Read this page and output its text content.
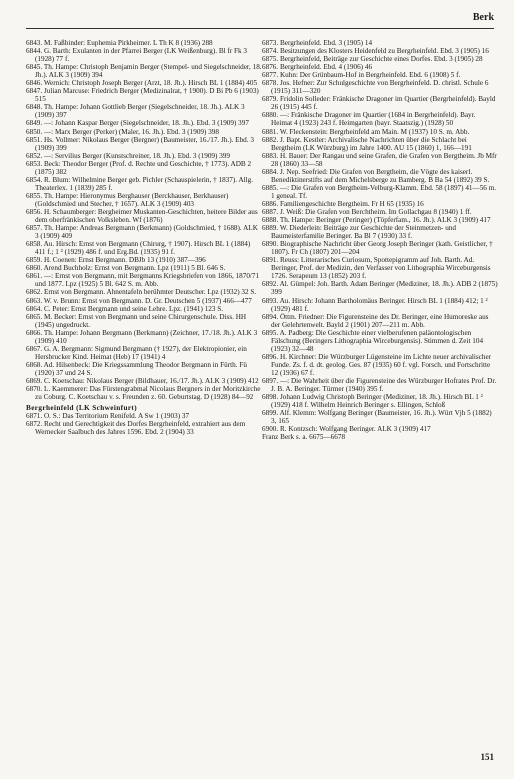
Berk

6843. M. Faßbinder: Euphemia Pirkheimer. L Th K 8 (1936) 288

6844. G. Barth: Exulanten in der Pfarrei Berger (LK Weißenburg). Bl fr Fk 3 (1928) 77 f.

6845. Th. Hampe: Christoph Benjamin Berger (Stempel- und Siegelschneider, 18. Jh.). ALK 3 (1909) 394

6846. Wernich: Christoph Joseph Berger (Arzt, 18. Jh.). Hirsch BL 1 (1884) 405

6847. Julian Marcuse: Friedrich Berger (Medizinalrat, † 1900). D Bi Pb 6 (1903) 515

6848. Th. Hampe: Johann Gottlieb Berger (Siegelschneider, 18. Jh.). ALK 3 (1909) 397

6849. —: Johann Kaspar Berger (Siegelschneider, 18. Jh.). Ebd. 3 (1909) 397

6850. —: Marx Berger (Perker) (Maler, 16. Jh.). Ebd. 3 (1909) 398

6851. Hs. Vollmer: Nikolaus Berger (Bergner) (Baumeister, 16./17. Jh.). Ebd. 3 (1909) 399

6852. —: Servilius Berger (Kunstschreiner, 18. Jh.). Ebd. 3 (1909) 399

6853. Beck: Theodor Berger (Prof. d. Rechte und Geschichte, † 1773). ADB 2 (1875) 382

6854. R. Blum: Wilhelmine Berger geb. Pichler (Schauspielerin, † 1837). Allg. Theaterlex. 1 (1839) 285 f.

6855. Th. Hampe: Hieronymus Berghauser (Berckhauser, Berkhauser) (Goldschmied und Stecher, † 1657). ALK 3 (1909) 403

6856. H. Schaumberger: Bergheimer Muskanten-Geschichten, heitere Bilder aus dem oberfränkischen Volksleben. Wf (1876)

6857. Th. Hampe: Andreas Bergmann (Berkmann) (Goldschmied, † 1688). ALK 3 (1909) 409

6858. Au. Hirsch: Ernst von Bergmann (Chirurg, † 1907). Hirsch BL 1 (1884) 411 f.; 1 ² (1929) 486 f. und Erg.Bd. (1935) 91 f.

6859. H. Coenen: Ernst Bergmann. DBJb 13 (1910) 387—396

6860. Arend Buchholz: Ernst von Bergmann. Lpz (1911) 5 Bl. 646 S.

6861. —: Ernst von Bergmann, mit Bergmanns Kriegsbriefen von 1866, 1870/71 und 1877. Lpz (1925) 5 Bl. 642 S. m. Abb.

6862. Ernst von Bergmann. Ahnentafeln berühmter Deutscher. Lpz (1932) 32 S.

6863. W. v. Brunn: Ernst von Bergmann. D. Gr. Deutschen 5 (1937) 466—477

6864. C. Peter: Ernst Bergmann und seine Lehre. Lpz. (1941) 123 S.

6865. M. Becker: Ernst von Bergmann und seine Chirurgenschule. Diss. HH (1945) ungedruckt.

6866. Th. Hampe: Johann Bergmann (Berkmann) (Zeichner, 17./18. Jh.). ALK 3 (1909) 410

6867. G. A. Bergmann: Sigmund Bergmann († 1927), der Elektropionier, ein Hersbrucker Kind. Heimat (Heb) 17 (1941) 4

6868. Ad. Hilsenbeck: Die Kriegssammlung Theodor Bergmann in Fürth. Fü (1920) 37 und 24 S.

6869. C. Koetschau: Nikolaus Berger (Bildhauer, 16./17. Jh.). ALK 3 (1909) 412

6870. L. Kaemmerer: Das Fürstengrabmal Nicolaus Bergners in der Moritzkirche zu Coburg. C. Koetschau v. s. Freunden z. 60. Geburtstag. D (1928) 84—92

Bergrheinfeld (LK Schweinfurt)

6871. O. S.: Das Territorium Renifeld. A Sw 1 (1903) 37

6872. Recht und Gerechtigkeit des Dorfes Bergrheinfeld, extrahiert aus dem Wernecker Saalbuch des Jahres 1596. Ebd. 2 (1904) 33

6873. Bergrheinfeld. Ebd. 3 (1905) 14

6874. Besitzungen des Klosters Heidenfeld zu Bergrheinfeld. Ebd. 3 (1905) 16

6875. Bergrheinfeld, Beiträge zur Geschichte eines Dorfes. Ebd. 3 (1905) 28

6876. Bergrheinfeld. Ebd. 4 (1906) 46

6877. Kuhn: Der Grünbaum-Hof in Bergrheinfeld. Ebd. 6 (1908) 5 f.

6878. Jos. Hefner: Zur Schulgeschichte von Bergrheinfeld. D. christl. Schule 6 (1915) 311—320

6879. Fridolin Solleder: Fränkische Dragoner im Quartier (Bergrheinfeld). Bayld 26 (1915) 445 f.

6880. —: Fränkische Dragoner im Quartier (1684 in Bergrheinfeld). Bayr. Heimat 4 (1923) 243 f. Heimgarten (bayr. Staatszig.) (1928) 50

6881. W. Fleckenstein: Bergrheinfeld am Main. M (1937) 10 S. m. Abb.

6882. J. Bapt. Kestler: Archivalische Nachrichten über die Schlacht bei Bergtheim (LK Würzburg) im Jahre 1400. AU 15 (1860) 1, 166—191

6883. H. Bauer: Der Rangau und seine Grafen, die Grafen von Bergtheim. Jb Mfr 28 (1860) 33—58

6884. J. Nep. Seefried: Die Grafen von Bergtheim, die Vögte des kaiserl. Benediktinerstifts auf dem Michelsberge zu Bamberg. B Ba 54 (1892) 39 S.

6885. —: Die Grafen von Bergtheim-Velburg-Klamm. Ebd. 58 (1897) 41—56 m. 1 geneal. Tf.

6886. Familiengeschichte Bergtheim. Fr H 65 (1935) 16

6887. J. Weiß: Die Grafen von Berchtheim. Im Gollachgau 8 (1940) 1 ff.

6888. Th. Hampe: Beringer (Peringer) (Töpferfam., 16. Jh.). ALK 3 (1909) 417

6889. W. Diederlein: Beiträge zur Geschichte der Steinmetzen- und Baumeisterfamilie Beringer. Ba Bl 7 (1930) 33 f.

6890. Biographische Nachricht über Georg Joseph Beringer (kath. Geistlicher, † 1807). Fr Ch (1807) 201—204

6891. Reuss: Litterarisches Curiosum, Spottepigramm auf Joh. Barth. Ad. Beringer, Prof. der Medizin, den Verfasser von Lithographia Wirceburgensis 1726. Serapeum 13 (1852) 203 f.

6892. Al. Gümpel: Joh. Barth. Adam Beringer (Mediziner, 18. Jh.). ADB 2 (1875) 399

6893. Au. Hirsch: Johann Bartholomäus Beringer. Hirsch BL 1 (1884) 412; 1 ² (1929) 481 f.

6894. Öttm. Friedner: Die Figurensteine des Dr. Beringer, eine Humoreske aus der Gelehrtenwelt. Bayld 2 (1901) 207—211 m. Abb.

6895. A. Padberg: Die Geschichte einer vielberufenen paläontologischen Fälschung (Beringers Lithographia Wirceburgensis). Stimmen d. Zeit 104 (1923) 32—48

6896. H. Kirchner: Die Würzburger Lügensteine im Lichte neuer archivalischer Funde. Zs. f. d. dt. geolog. Ges. 87 (1935) 60 f. vgl. Forsch. und Fortschritte 12 (1936) 67 f.

6897. —: Die Wahrheit über die Figurensteine des Würzburger Hofrates Prof. Dr. J. B. A. Beringer. Türmer (1940) 395 f.

6898. Johann Ludwig Christoph Beringer (Mediziner, 18. Jh.). Hirsch BL 1 ² (1929) 418 f. Wilhelm Heinrich Beringer s. Ellingen, Schloß

6899. Alf. Klemm: Wolfgang Beringer (Baumeister, 16. Jh.). Würt Vjh 5 (1882) 3, 165

6900. R. Kontzsch: Wolfgang Beringer. ALK 3 (1909) 417

Franz Berk s. a. 6675—6678

151
